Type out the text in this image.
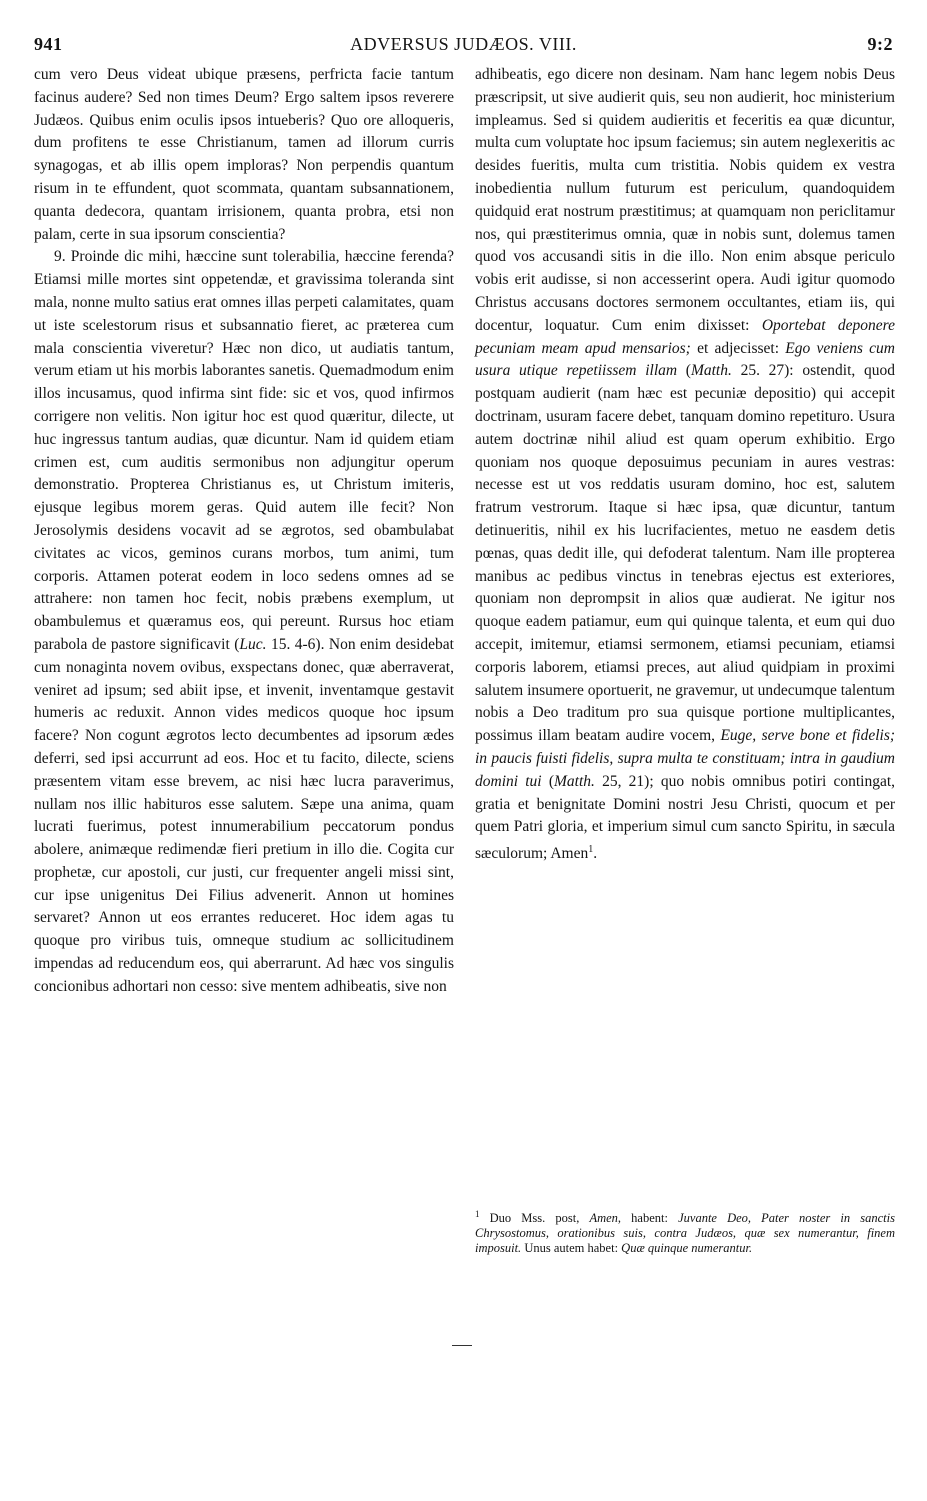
941	ADVERSUS JUDÆOS. VIII.	9:2

cum vero Deus videat ubique præsens, perfricta facie tantum facinus audere? Sed non times Deum? Ergo saltem ipsos reverere Judæos. Quibus enim oculis ipsos intueberis? Quo ore alloqueris, dum profitens te esse Christianum, tamen ad illorum curris synagogas, et ab illis opem imploras? Non perpendis quantum risum in te effundent, quot scommata, quantam subsannationem, quanta dedecora, quantam irrisionem, quanta probra, etsi non palam, certe in sua ipsorum conscientia?

9. Proinde dic mihi, hæccine sunt tolerabilia, hæccine ferenda? Etiamsi mille mortes sint oppetendæ, et gravissima toleranda sint mala, nonne multo satius erat omnes illas perpeti calamitates, quam ut iste scelestorum risus et subsannatio fieret, ac præterea cum mala conscientia viveretur? Hæc non dico, ut audiatis tantum, verum etiam ut his morbis laborantes sanetis. Quemadmodum enim illos incusamus, quod infirma sint fide: sic et vos, quod infirmos corrigere non velitis. Non igitur hoc est quod quæritur, dilecte, ut huc ingressus tantum audias, quæ dicuntur. Nam id quidem etiam crimen est, cum auditis sermonibus non adjungitur operum demonstratio. Propterea Christianus es, ut Christum imiteris, ejusque legibus morem geras. Quid autem ille fecit? Non Jerosolymis desidens vocavit ad se ægrotos, sed obambulabat civitates ac vicos, geminos curans morbos, tum animi, tum corporis. Attamen poterat eodem in loco sedens omnes ad se attrahere: non tamen hoc fecit, nobis præbens exemplum, ut obambulemus et quæramus eos, qui pereunt. Rursus hoc etiam parabola de pastore significavit (Luc. 15. 4-6). Non enim desidebat cum nonaginta novem ovibus, exspectans donec, quæ aberraverat, veniret ad ipsum; sed abiit ipse, et invenit, inventamque gestavit humeris ac reduxit. Annon vides medicos quoque hoc ipsum facere? Non cogunt ægrotos lecto decumbentes ad ipsorum ædes deferri, sed ipsi accurrunt ad eos. Hoc et tu facito, dilecte, sciens præsentem vitam esse brevem, ac nisi hæc lucra paraverimus, nullam nos illic habituros esse salutem. Sæpe una anima, quam lucrati fuerimus, potest innumerabilium peccatorum pondus abolere, animæque redimendæ fieri pretium in illo die. Cogita cur prophetæ, cur apostoli, cur justi, cur frequenter angeli missi sint, cur ipse unigenitus Dei Filius advenerit. Annon ut homines servaret? Annon ut eos errantes reduceret. Hoc idem agas tu quoque pro viribus tuis, omneque studium ac sollicitudinem impendas ad reducendum eos, qui aberrarunt. Ad hæc vos singulis concionibus adhortari non cesso: sive mentem adhibeatis, sive non

adhibeatis, ego dicere non desinam. Nam hanc legem nobis Deus præscripsit, ut sive audierit quis, seu non audierit, hoc ministerium impleamus. Sed si quidem audieritis et feceritis ea quæ dicuntur, multa cum voluptate hoc ipsum faciemus; sin autem neglexeritis ac desides fueritis, multa cum tristitia. Nobis quidem ex vestra inobedientia nullum futurum est periculum, quandoquidem quidquid erat nostrum præstitimus; at quamquam non periclitamur nos, qui præstiterimus omnia, quæ in nobis sunt, dolemus tamen quod vos accusandi sitis in die illo. Non enim absque periculo vobis erit audisse, si non accesserint opera. Audi igitur quomodo Christus accusans doctores sermonem occultantes, etiam iis, qui docentur, loquatur. Cum enim dixisset: Oportebat deponere pecuniam meam apud mensarios; et adjecisset: Ego veniens cum usura utique repetiissem illam (Matth. 25. 27): ostendit, quod postquam audierit (nam hæc est pecuniæ depositio) qui accepit doctrinam, usuram facere debet, tanquam domino repetituro. Usura autem doctrinæ nihil aliud est quam operum exhibitio. Ergo quoniam nos quoque deposuimus pecuniam in aures vestras: necesse est ut vos reddatis usuram domino, hoc est, salutem fratrum vestrorum. Itaque si hæc ipsa, quæ dicuntur, tantum detinueritis, nihil ex his lucrifacientes, metuo ne easdem detis pœnas, quas dedit ille, qui defoderat talentum. Nam ille propterea manibus ac pedibus vinctus in tenebras ejectus est exteriores, quoniam non deprompsit in alios quæ audierat. Ne igitur nos quoque eadem patiamur, eum qui quinque talenta, et eum qui duo accepit, imitemur, etiamsi sermonem, etiamsi pecuniam, etiamsi corporis laborem, etiamsi preces, aut aliud quidpiam in proximi salutem insumere oportuerit, ne gravemur, ut undecumque talentum nobis a Deo traditum pro sua quisque portione multiplicantes, possimus illam beatam audire vocem, Euge, serve bone et fidelis; in paucis fuisti fidelis, supra multa te constituam; intra in gaudium domini tui (Matth. 25, 21); quo nobis omnibus potiri contingat, gratia et benignitate Domini nostri Jesu Christi, quocum et per quem Patri gloria, et imperium simul cum sancto Spiritu, in sæcula sæculorum; Amen$^1$.

$^1$ Duo Mss. post, Amen, habent: Juvante Deo, Pater noster in sanctis Chrysostomus, orationibus suis, contra Judæos, quæ sex numerantur, finem imposuit. Unus autem habet: Quæ quinque numerantur.
